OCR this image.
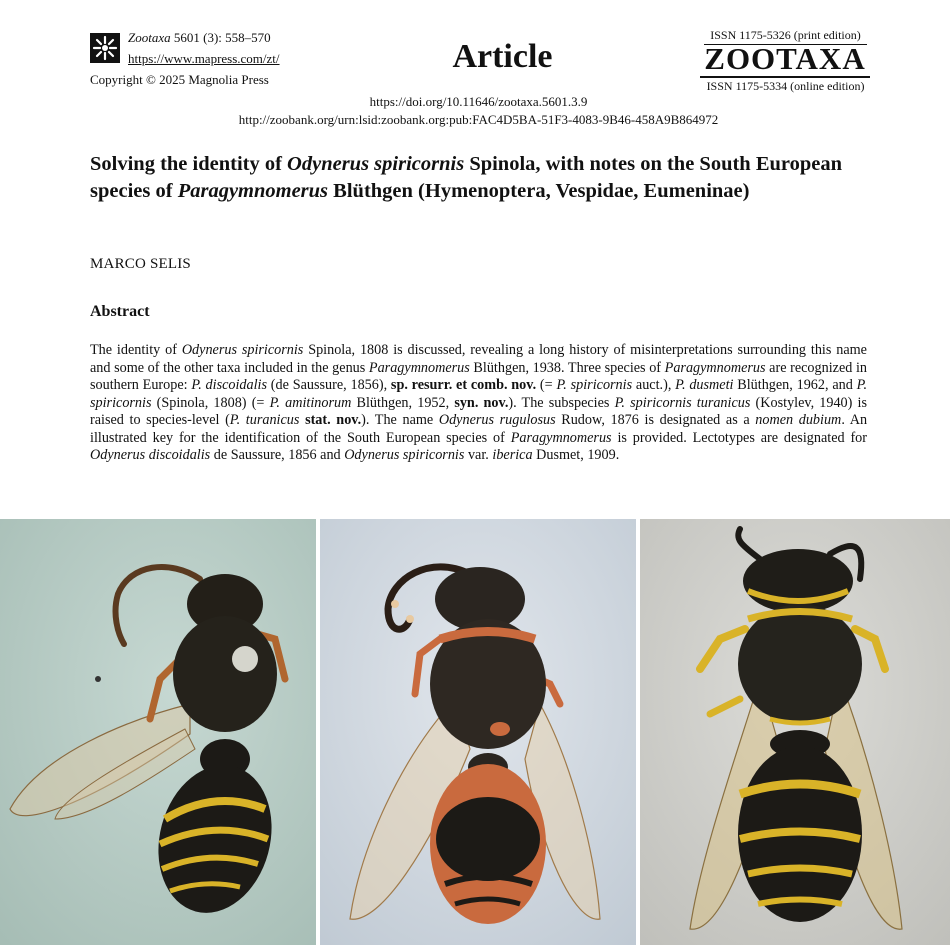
Zootaxa 5601 (3): 558–570
https://www.mapress.com/zt/
Copyright © 2025 Magnolia Press
Article
ISSN 1175-5326 (print edition)
ZOOTAXA
ISSN 1175-5334 (online edition)
https://doi.org/10.11646/zootaxa.5601.3.9
http://zoobank.org/urn:lsid:zoobank.org:pub:FAC4D5BA-51F3-4083-9B46-458A9B864972
Solving the identity of Odynerus spiricornis Spinola, with notes on the South European species of Paragymnomerus Blüthgen (Hymenoptera, Vespidae, Eumeninae)
MARCO SELIS
Abstract
The identity of Odynerus spiricornis Spinola, 1808 is discussed, revealing a long history of misinterpretations surrounding this name and some of the other taxa included in the genus Paragymnomerus Blüthgen, 1938. Three species of Paragymnomerus are recognized in southern Europe: P. discoidalis (de Saussure, 1856), sp. resurr. et comb. nov. (= P. spiricornis auct.), P. dusmeti Blüthgen, 1962, and P. spiricornis (Spinola, 1808) (= P. amitinorum Blüthgen, 1952, syn. nov.). The subspecies P. spiricornis turanicus (Kostylev, 1940) is raised to species-level (P. turanicus stat. nov.). The name Odynerus rugulosus Rudow, 1876 is designated as a nomen dubium. An illustrated key for the identification of the South European species of Paragymnomerus is provided. Lectotypes are designated for Odynerus discoidalis de Saussure, 1856 and Odynerus spiricornis var. iberica Dusmet, 1909.
